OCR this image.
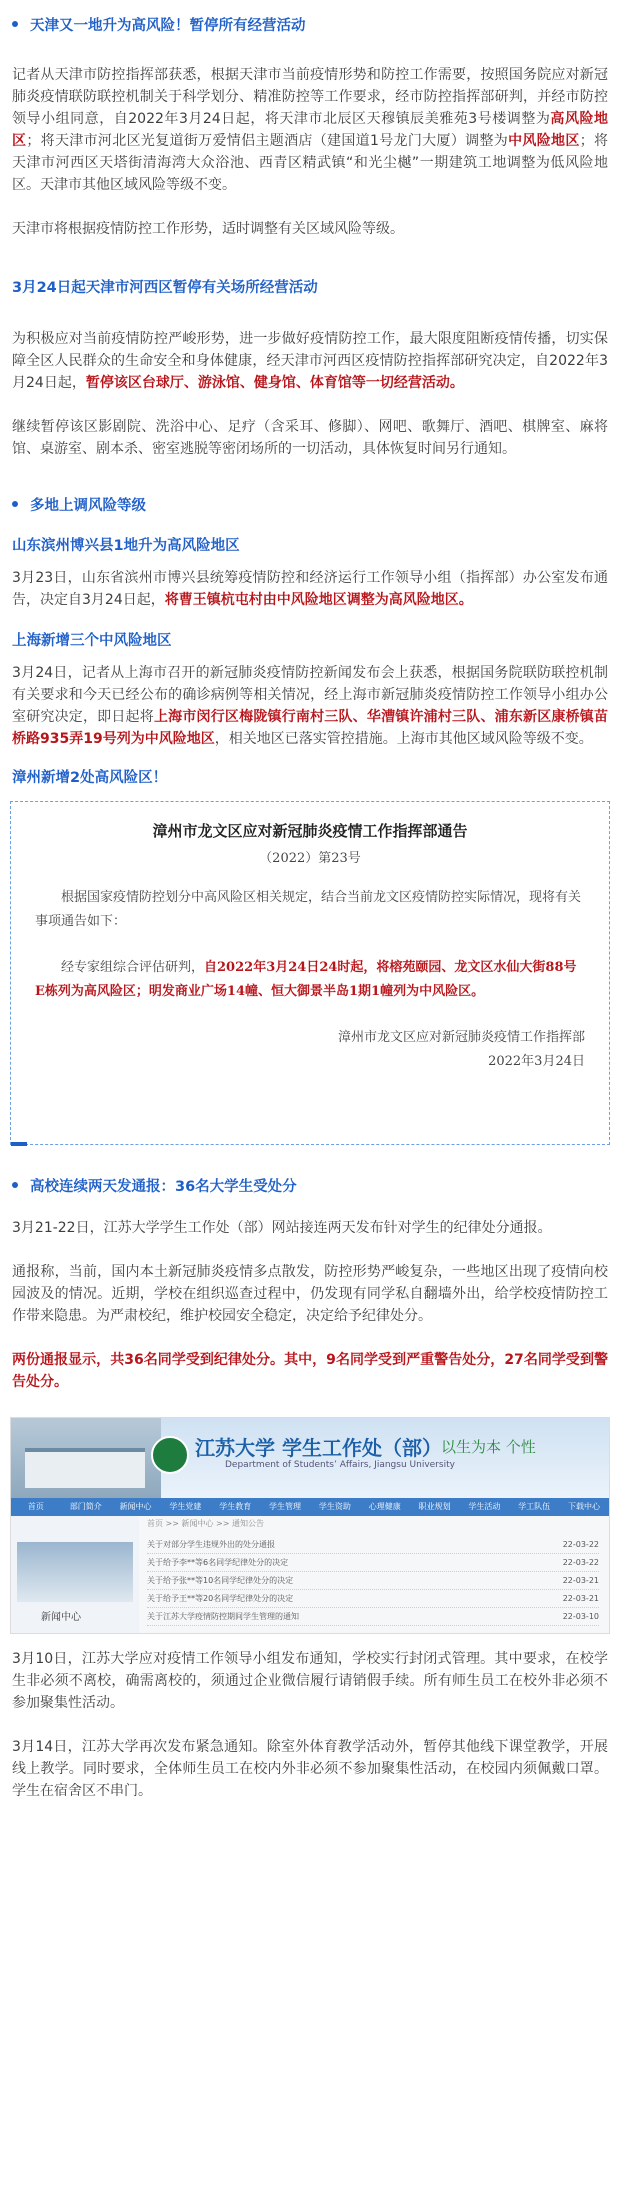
天津又一地升为高风险！暂停所有经营活动

记者从天津市防控指挥部获悉，根据天津市当前疫情形势和防控工作需要，按照国务院应对新冠肺炎疫情联防联控机制关于科学划分、精准防控等工作要求，经市防控指挥部研判，并经市防控领导小组同意，自2022年3月24日起，将天津市北辰区天穆镇辰美雅苑3号楼调整为高风险地区；将天津市河北区光复道街万爱情侣主题酒店（建国道1号龙门大厦）调整为中风险地区；将天津市河西区天塔街清海湾大众浴池、西青区精武镇“和光尘樾”一期建筑工地调整为低风险地区。天津市其他区域风险等级不变。

天津市将根据疫情防控工作形势，适时调整有关区域风险等级。

3月24日起天津市河西区暂停有关场所经营活动

为积极应对当前疫情防控严峻形势，进一步做好疫情防控工作，最大限度阻断疫情传播，切实保障全区人民群众的生命安全和身体健康，经天津市河西区疫情防控指挥部研究决定，自2022年3月24日起，暂停该区台球厅、游泳馆、健身馆、体育馆等一切经营活动。

继续暂停该区影剧院、洗浴中心、足疗（含采耳、修脚）、网吧、歌舞厅、酒吧、棋牌室、麻将馆、桌游室、剧本杀、密室逃脱等密闭场所的一切活动，具体恢复时间另行通知。

多地上调风险等级
山东滨州博兴县1地升为高风险地区

3月23日，山东省滨州市博兴县统筹疫情防控和经济运行工作领导小组（指挥部）办公室发布通告，决定自3月24日起，将曹王镇杭屯村由中风险地区调整为高风险地区。

上海新增三个中风险地区

3月24日，记者从上海市召开的新冠肺炎疫情防控新闻发布会上获悉，根据国务院联防联控机制有关要求和今天已经公布的确诊病例等相关情况，经上海市新冠肺炎疫情防控工作领导小组办公室研究决定，即日起将上海市闵行区梅陇镇行南村三队、华漕镇许浦村三队、浦东新区康桥镇苗桥路935弄19号列为中风险地区，相关地区已落实管控措施。上海市其他区域风险等级不变。

漳州新增2处高风险区！
漳州市龙文区应对新冠肺炎疫情工作指挥部通告
（2022）第23号
根据国家疫情防控划分中高风险区相关规定，结合当前龙文区疫情防控实际情况，现将有关事项通告如下：
经专家组综合评估研判，自2022年3月24日24时起，将榕苑颐园、龙文区水仙大街88号E栋列为高风险区；明发商业广场14幢、恒大御景半岛1期1幢列为中风险区。
漳州市龙文区应对新冠肺炎疫情工作指挥部
2022年3月24日
高校连续两天发通报：36名大学生受处分

3月21-22日，江苏大学学生工作处（部）网站接连两天发布针对学生的纪律处分通报。

通报称，当前，国内本土新冠肺炎疫情多点散发，防控形势严峻复杂，一些地区出现了疫情向校园波及的情况。近期，学校在组织巡查过程中，仍发现有同学私自翻墙外出，给学校疫情防控工作带来隐患。为严肃校纪，维护校园安全稳定，决定给予纪律处分。

两份通报显示，共36名同学受到纪律处分。其中，9名同学受到严重警告处分，27名同学受到警告处分。

江苏大学 学生工作处（部）
Department of Students’ Affairs, Jiangsu University
以生为本 个性
首页	部门简介	新闻中心	学生党建	学生教育	学生管理	学生资助	心理健康	职业规划	学生活动	学工队伍	下载中心
新闻中心
首页 >> 新闻中心 >> 通知公告
关于对部分学生违规外出的处分通报	22-03-22
关于给予李**等6名同学纪律处分的决定	22-03-22
关于给予张**等10名同学纪律处分的决定	22-03-21
关于给予王**等20名同学纪律处分的决定	22-03-21
关于江苏大学疫情防控期间学生管理的通知	22-03-10

3月10日，江苏大学应对疫情工作领导小组发布通知，学校实行封闭式管理。其中要求，在校学生非必须不离校，确需离校的，须通过企业微信履行请销假手续。所有师生员工在校外非必须不参加聚集性活动。

3月14日，江苏大学再次发布紧急通知。除室外体育教学活动外，暂停其他线下课堂教学，开展线上教学。同时要求，全体师生员工在校内外非必须不参加聚集性活动，在校园内须佩戴口罩。学生在宿舍区不串门。
